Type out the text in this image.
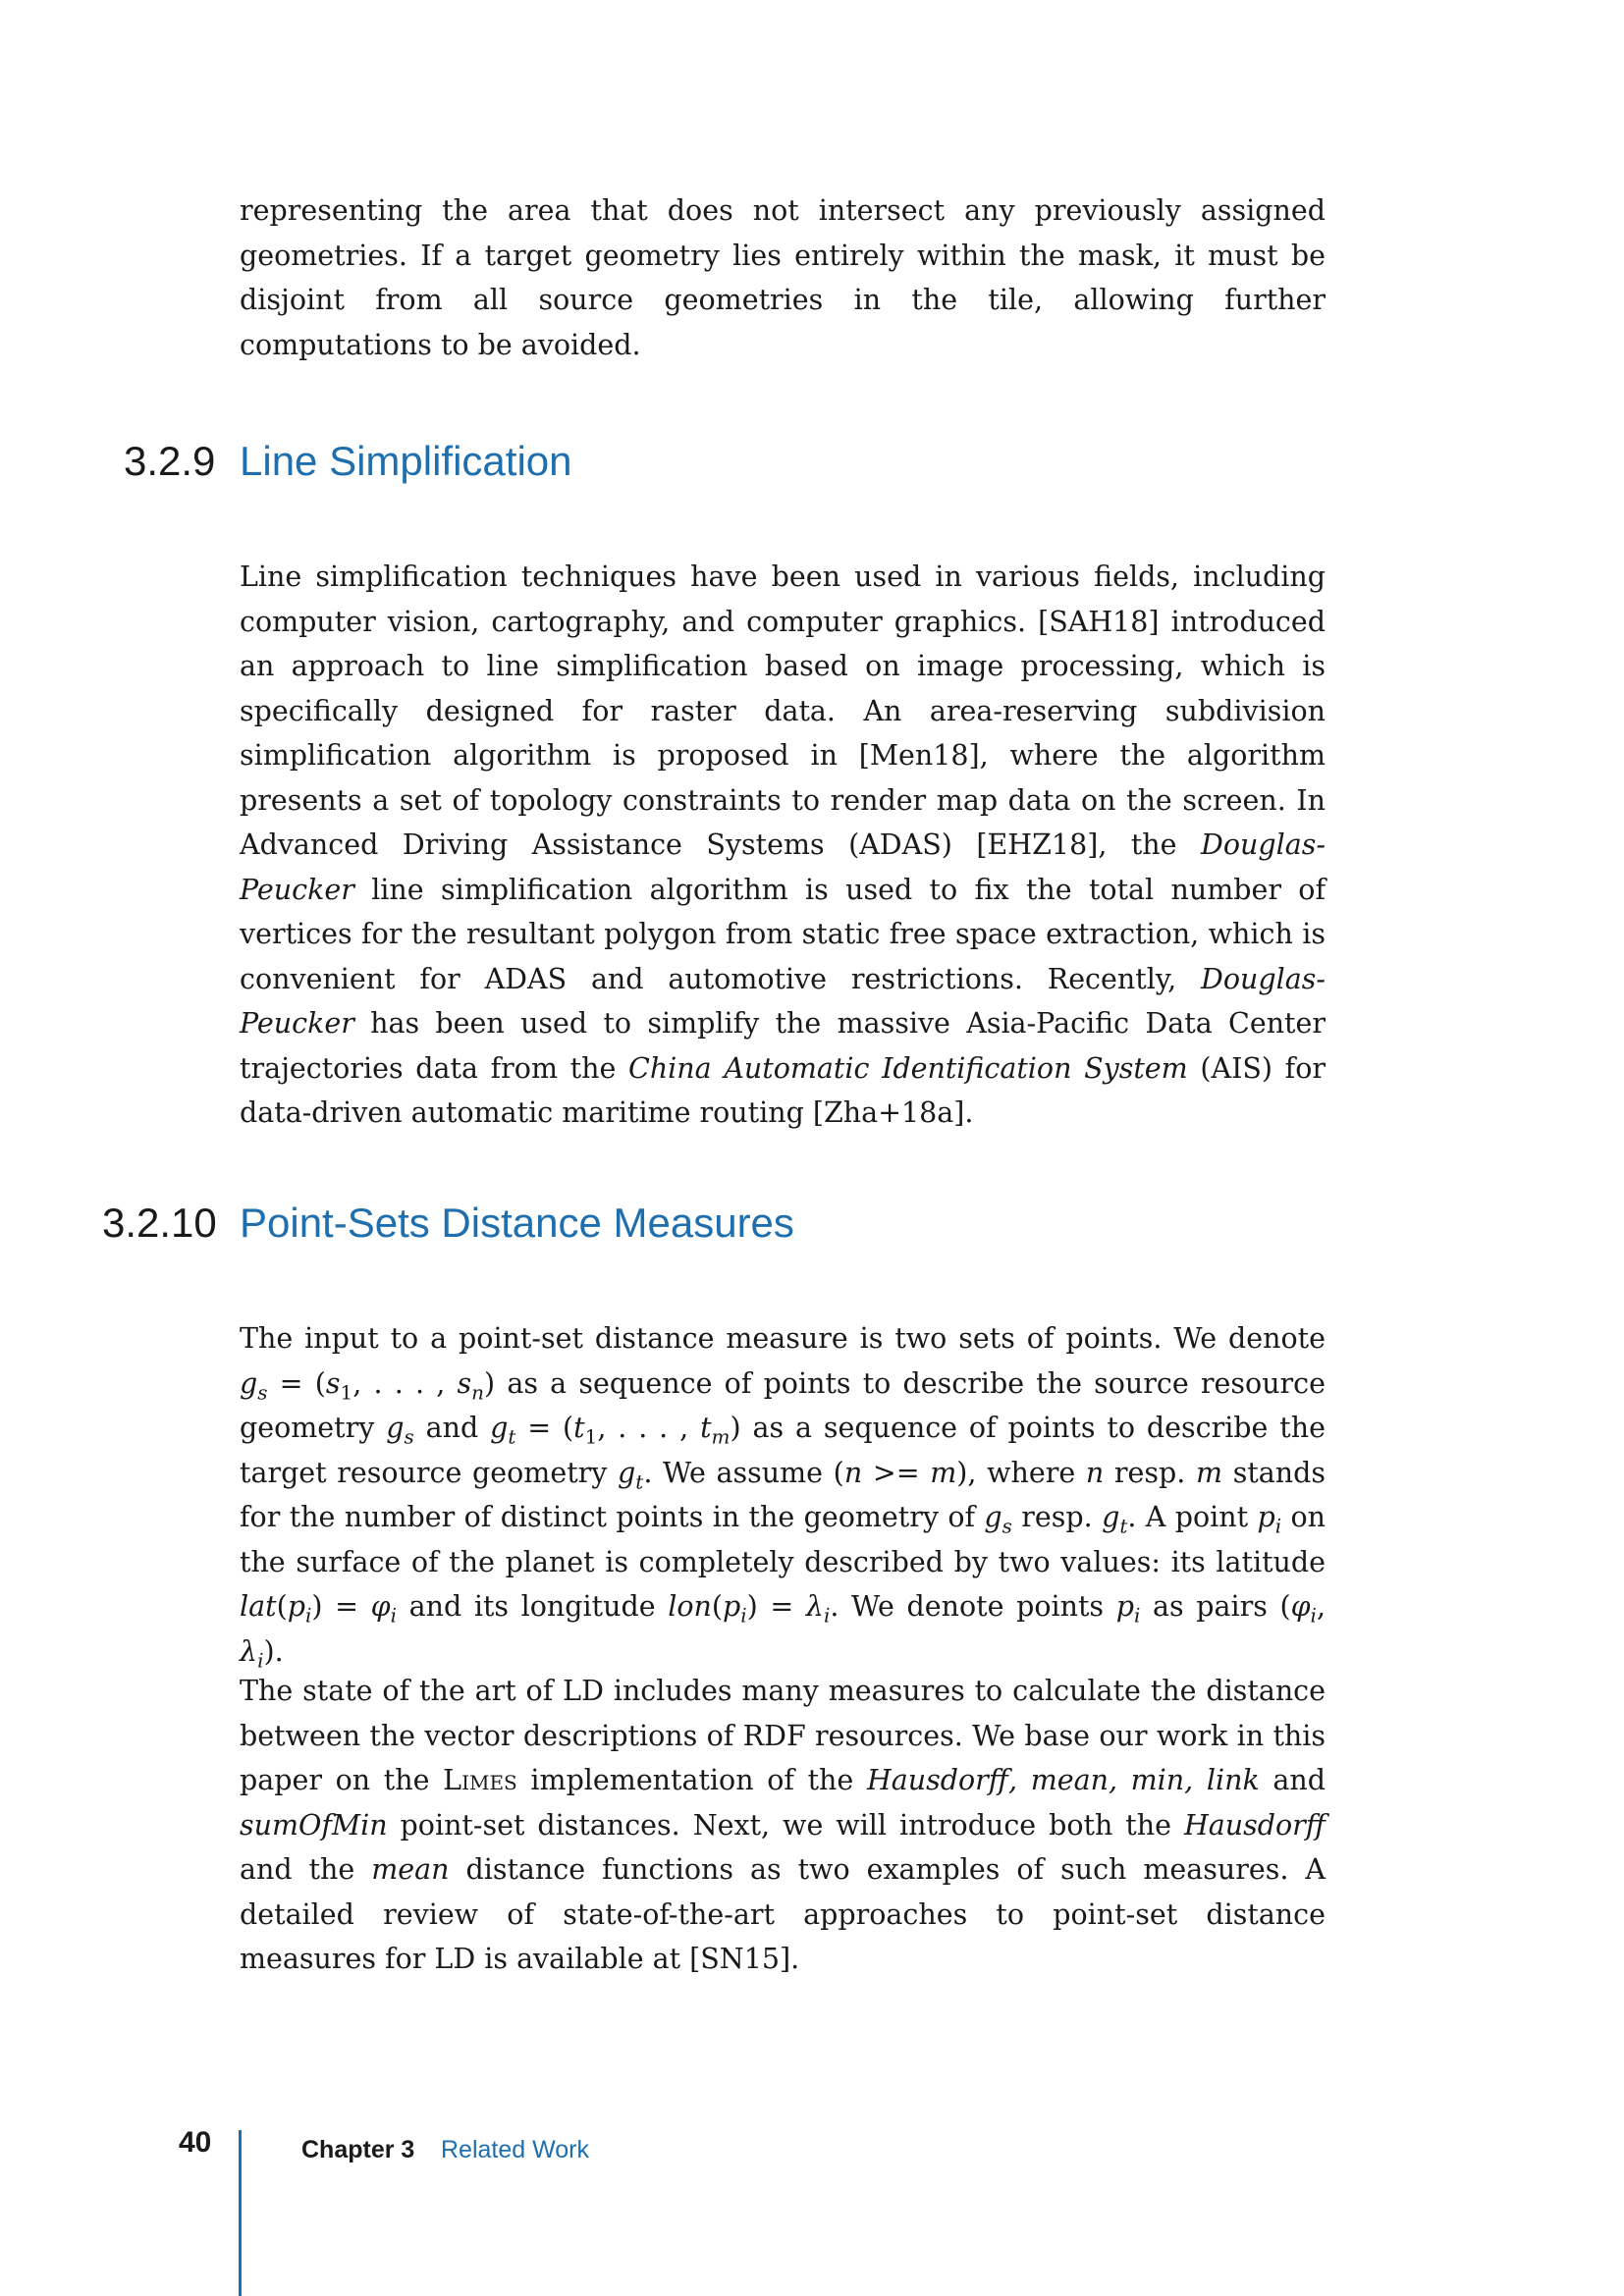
representing the area that does not intersect any previously assigned geometries. If a target geometry lies entirely within the mask, it must be disjoint from all source geometries in the tile, allowing further computations to be avoided.

3.2.9 Line Simplification

Line simplification techniques have been used in various fields, including computer vision, cartography, and computer graphics. [SAH18] introduced an approach to line simplification based on image processing, which is specifically designed for raster data. An area-reserving subdivision simplification algorithm is proposed in [Men18], where the algorithm presents a set of topology constraints to render map data on the screen. In Advanced Driving Assistance Systems (ADAS) [EHZ18], the Douglas-Peucker line simplification algorithm is used to fix the total number of vertices for the resultant polygon from static free space extraction, which is convenient for ADAS and automotive restrictions. Recently, Douglas-Peucker has been used to simplify the massive Asia-Pacific Data Center trajectories data from the China Automatic Identification System (AIS) for data-driven automatic maritime routing [Zha+18a].

3.2.10 Point-Sets Distance Measures

The input to a point-set distance measure is two sets of points. We denote $g_s = (s_1$, . . . , $s_n$) as a sequence of points to describe the source resource geometry $g_s$ and $g_t = (t_1$, . . . , $t_m$) as a sequence of points to describe the target resource geometry $g_t$. We assume (n >= m), where n resp. m stands for the number of distinct points in the geometry of $g_s$ resp. $g_t$. A point $p_i$ on the surface of the planet is completely described by two values: its latitude $lat(p_i) = \varphi_i$ and its longitude $lon(p_i) = \lambda_i$. We denote points $p_i$ as pairs ($\varphi_i$, $\lambda_i$).

The state of the art of LD includes many measures to calculate the distance between the vector descriptions of RDF resources. We base our work in this paper on the Limes implementation of the Hausdorff, mean, min, link and sumOfMin point-set distances. Next, we will introduce both the Hausdorff and the mean distance functions as two examples of such measures. A detailed review of state-of-the-art approaches to point-set distance measures for LD is available at [SN15].

40	Chapter 3 Related Work
